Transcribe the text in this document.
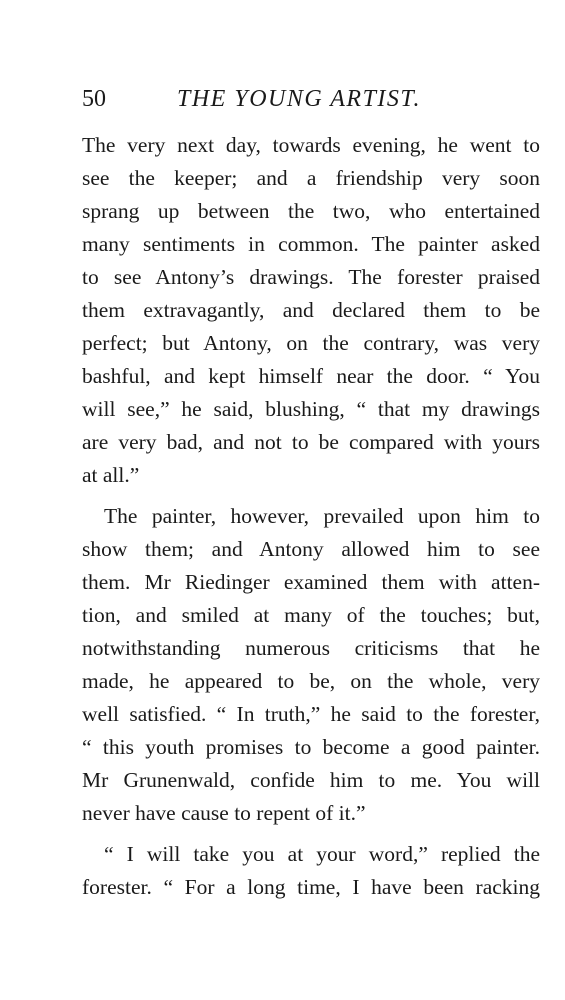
50	THE YOUNG ARTIST.
The very next day, towards evening, he went to
see the keeper; and a friendship very soon
sprang up between the two, who entertained
many sentiments in common. The painter asked
to see Antony’s drawings. The forester praised
them extravagantly, and declared them to be
perfect; but Antony, on the contrary, was very
bashful, and kept himself near the door. “ You
will see,” he said, blushing, “ that my drawings
are very bad, and not to be compared with yours
at all.”
The painter, however, prevailed upon him to
show them; and Antony allowed him to see
them. Mr Riedinger examined them with atten-
tion, and smiled at many of the touches; but,
notwithstanding numerous criticisms that he
made, he appeared to be, on the whole, very
well satisfied. “ In truth,” he said to the forester,
“ this youth promises to become a good painter.
Mr Grunenwald, confide him to me. You will
never have cause to repent of it.”
“ I will take you at your word,” replied the
forester. “ For a long time, I have been racking
